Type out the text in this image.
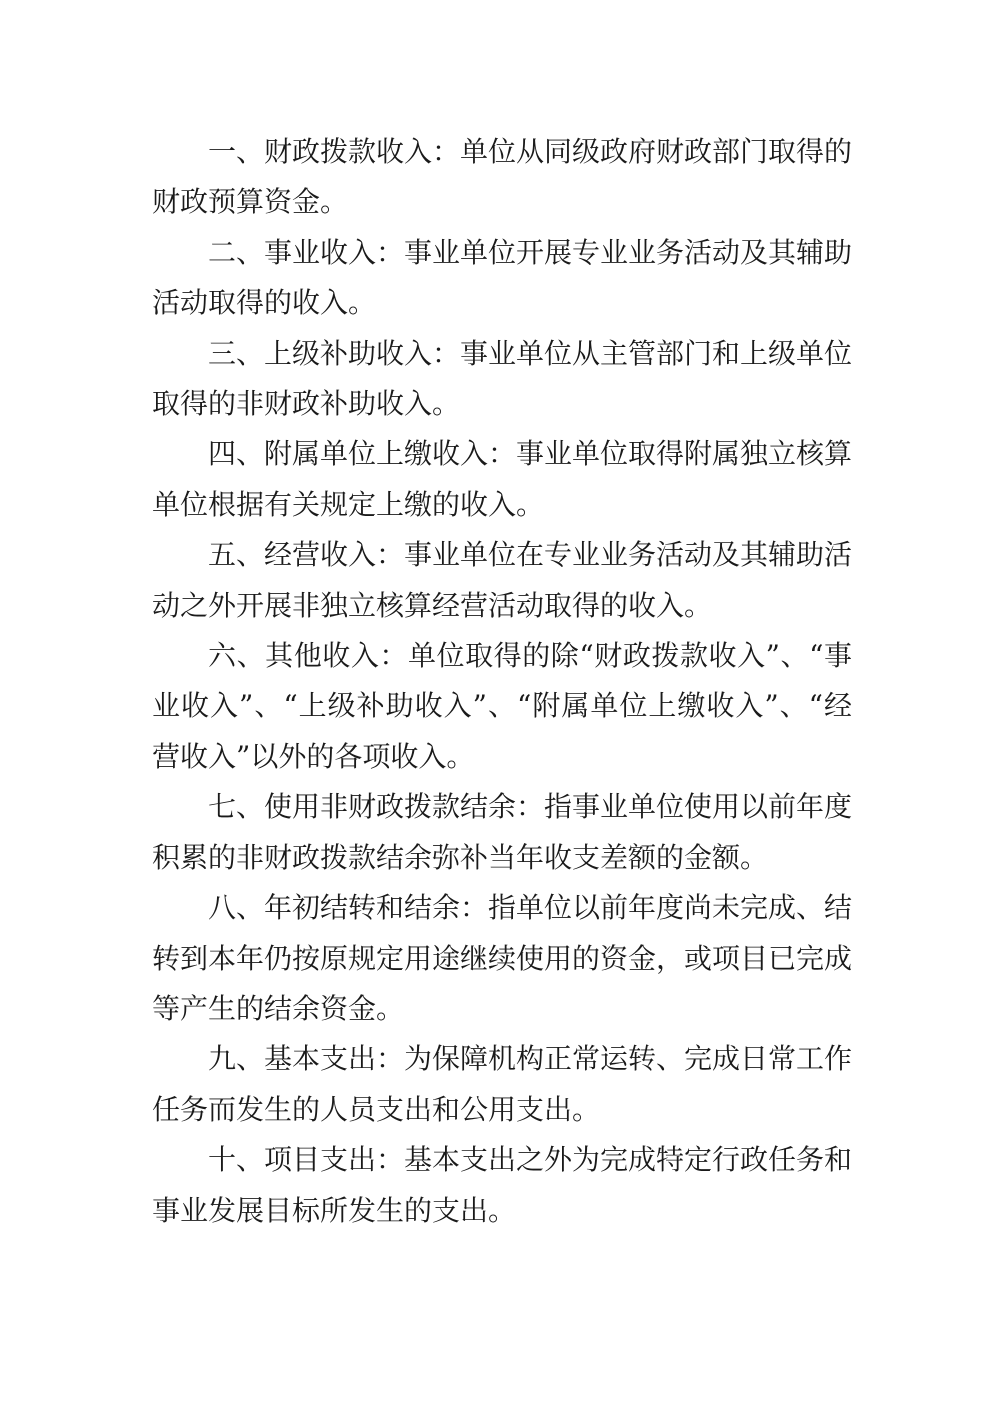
一、财政拨款收入：单位从同级政府财政部门取得的财政预算资金。

二、事业收入：事业单位开展专业业务活动及其辅助活动取得的收入。

三、上级补助收入：事业单位从主管部门和上级单位取得的非财政补助收入。

四、附属单位上缴收入：事业单位取得附属独立核算单位根据有关规定上缴的收入。

五、经营收入：事业单位在专业业务活动及其辅助活动之外开展非独立核算经营活动取得的收入。

六、其他收入：单位取得的除“财政拨款收入”、“事业收入”、“上级补助收入”、“附属单位上缴收入”、“经营收入”以外的各项收入。

七、使用非财政拨款结余：指事业单位使用以前年度积累的非财政拨款结余弥补当年收支差额的金额。

八、年初结转和结余：指单位以前年度尚未完成、结转到本年仍按原规定用途继续使用的资金，或项目已完成等产生的结余资金。

九、基本支出：为保障机构正常运转、完成日常工作任务而发生的人员支出和公用支出。

十、项目支出：基本支出之外为完成特定行政任务和事业发展目标所发生的支出。
